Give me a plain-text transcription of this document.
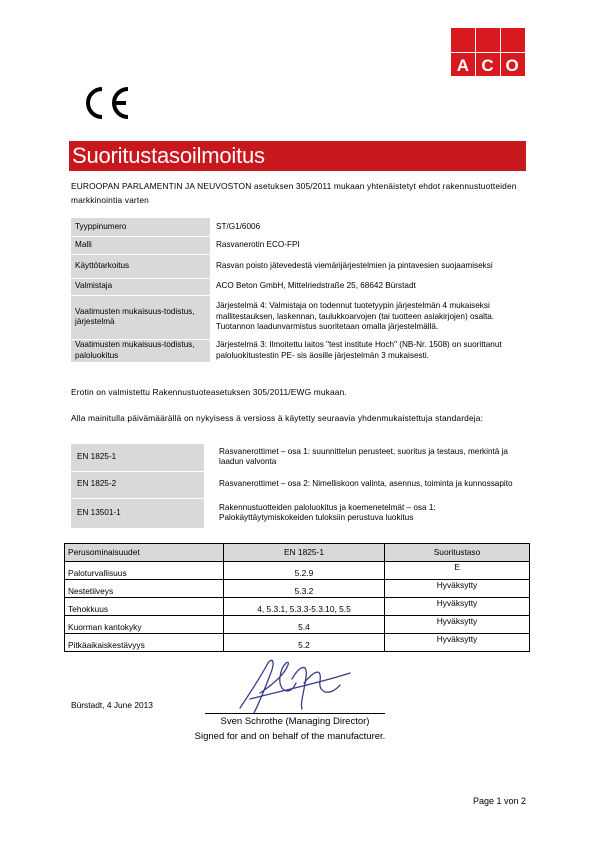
A C O
Suoritustasoilmoitus
EUROOPAN PARLAMENTIN JA NEUVOSTON asetuksen 305/2011 mukaan yhtenäistetyt ehdot rakennustuotteiden markkinointia varten
Tyyppinumero	ST/G1/6006
Malli	Rasvanerotin ECO-FPI
Käyttötarkoitus	Rasvan poisto jätevedestä viemärijärjestelmien ja pintavesien suojaamiseksi
Valmistaja	ACO Beton GmbH, Mittelriedstraße 25, 68642 Bürstadt
Vaatimusten mukaisuus-todistus, järjestelmä	Järjestelmä 4: Valmistaja on todennut tuotetyypin järjestelmän 4 mukaiseksi mallitestauksen, laskennan, taulukkoarvojen (tai tuotteen asiakirjojen) osalta. Tuotannon laadunvarmistus suoritetaan omalla järjestelmällä.
Vaatimusten mukaisuus-todistus, paloluokitus	Järjestelmä 3: Ilmoitettu laitos "test institute Hoch" (NB-Nr. 1508) on suorittanut paloluokitustestin PE- sis äosille järjestelmän 3 mukaisesti.
Erotin on valmistettu Rakennustuoteasetuksen 305/2011/EWG mukaan.
Alla mainitulla päivämäärällä on nykyisess ä versioss ä käytetty seuraavia yhdenmukaistettuja standardeja:
EN 1825-1	Rasvanerottimet – osa 1: suunnittelun perusteet, suoritus ja testaus, merkintä ja laadun valvonta
EN 1825-2	Rasvanerottimet – osa 2: Nimelliskoon valinta, asennus, toiminta ja kunnossapito
EN 13501-1	Rakennustuotteiden paloluokitus ja koemenetelmät – osa 1: Palokäyttäytymiskokeiden tuloksiin perustuva luokitus
Perusominaisuudet	EN 1825-1	Suoritustaso
Paloturvallisuus	5.2.9	E
Nestetiiveys	5.3.2	Hyväksytty
Tehokkuus	4, 5.3.1, 5.3.3-5.3.10, 5.5	Hyväksytty
Kuorman kantokyky	5.4	Hyväksytty
Pitkäaikaiskestävyys	5.2	Hyväksytty
Bürstadt, 4 June 2013
Sven Schrothe (Managing Director)
Signed for and on behalf of the manufacturer.
Page 1 von 2
